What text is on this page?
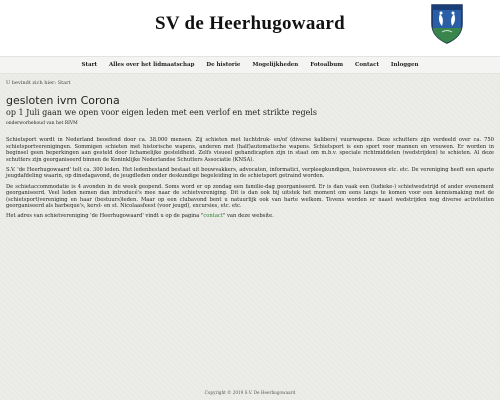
SV de Heerhugowaard
Start Alles over het lidmaatschap De historie Mogelijkheden Fotoalbum Contact Inloggen
U bevindt zich hier: Start
gesloten ivm Corona
op 1 Juli gaan we open voor eigen leden met een verlof en met strikte regels
onderworhehoud van het RIVM

Schietsport wordt in Nederland beoefend door ca. 38.000 mensen. Zij schieten met luchtdruk- en/of (diverse kalibers) vuurwapens. Deze schutters zijn verdeeld over ca. 750 schietsportverenigingen. Sommigen schieten met historische wapens, anderen met (half)automatische wapens. Schietsport is een sport voor mannen en vrouwen. Er worden in beginsel geen beperkingen aan gesteld door lichamelijke gesteldheid. Zelfs visueel gehandicapten zijn in staat om m.b.v. speciale richtmiddelen (wedstrijden) te schieten. Al deze schutters zijn georganiseerd binnen de Koninklijke Nederlandse Schutters Associatie (KNSA).

S.V. 'de Heerhugowaard' telt ca. 300 leden. Het ledenbestand bestaat uit bouwvakkers, advocaten, informatici, verpleegkundigen, huisvrouwen etc. etc. De vereniging heeft een aparte jeugdafdeling waarin, op dinsdagavond, de jeugdleden onder deskundige begeleiding in de schietsport getraind worden.

De schietaccommodatie is 4 avonden in de week geopend. Soms word er op zondag een familie-dag georganiseerd. Er is dan vaak een (ludieke-) schietwedstrijd of ander evenement georganiseerd. Veel leden nemen dan introducé's mee naar de schietvereniging. Dit is dan ook bij uitstek het moment om eens langs te komen voor een kennismaking met de (schietsport)vereniging en haar (bestuurs)leden. Maar op een clubavond bent u natuurlijk ook van harte welkom. Tevens worden er naast wedstrijden nog diverse activiteiten georganiseerd als barbeque's, kerst- en st. Nicolaasfeest (voor jeugd), excursies, etc. etc.

Het adres van schietvereniging 'de Heerhugowaard' vindt u op de pagina "contact" van deze website.

Copyright © 2019 S.V. De Heerhugowaard
